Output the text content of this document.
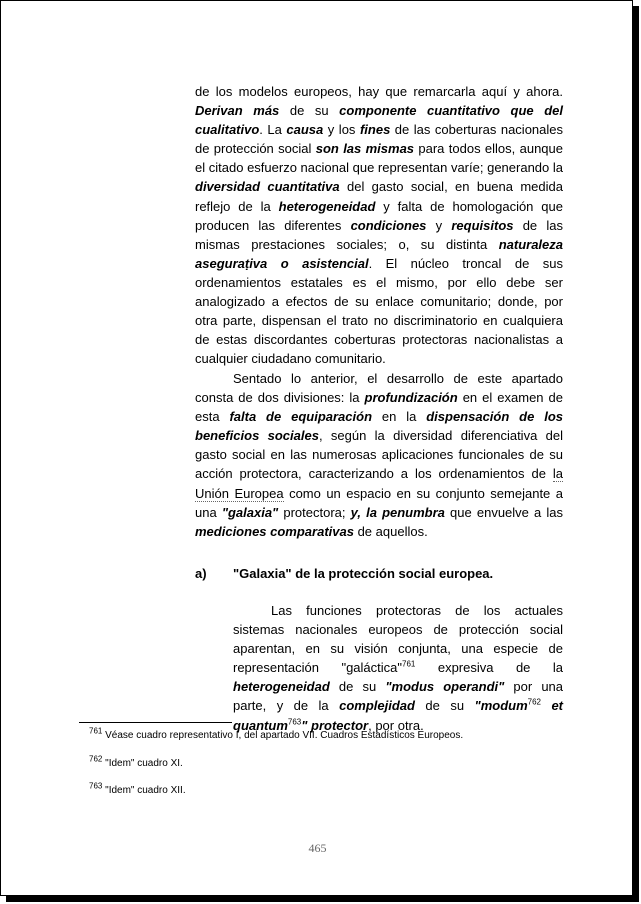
de los modelos europeos, hay que remarcarla aquí y ahora. Derivan más de su componente cuantitativo que del cualitativo. La causa y los fines de las coberturas nacionales de protección social son las mismas para todos ellos, aunque el citado esfuerzo nacional que representan varíe; generando la diversidad cuantitativa del gasto social, en buena medida reflejo de la heterogeneidad y falta de homologación que producen las diferentes condiciones y requisitos de las mismas prestaciones sociales; o, su distinta naturaleza aseguraṭiva o asistencial. El núcleo troncal de sus ordenamientos estatales es el mismo, por ello debe ser analogizado a efectos de su enlace comunitario; donde, por otra parte, dispensan el trato no discriminatorio en cualquiera de estas discordantes coberturas protectoras nacionalistas a cualquier ciudadano comunitario.
Sentado lo anterior, el desarrollo de este apartado consta de dos divisiones: la profundización en el examen de esta falta de equiparación en la dispensación de los beneficios sociales, según la diversidad diferenciativa del gasto social en las numerosas aplicaciones funcionales de su acción protectora, caracterizando a los ordenamientos de la Unión Europea como un espacio en su conjunto semejante a una "galaxia" protectora; y, la penumbra que envuelve a las mediciones comparativas de aquellos.
a) "Galaxia" de la protección social europea.
Las funciones protectoras de los actuales sistemas nacionales europeos de protección social aparentan, en su visión conjunta, una especie de representación "galáctica"$^{761}$ expresiva de la heterogeneidad de su "modus operandi" por una parte, y de la complejidad de su "modum$^{762}$ et quantum$^{763}$" protector, por otra.
$^{761}$ Véase cuadro representativo I, del apartado VII. Cuadros Estadísticos Europeos.
$^{762}$ "Idem" cuadro XI.
$^{763}$ "Idem" cuadro XII.
465
